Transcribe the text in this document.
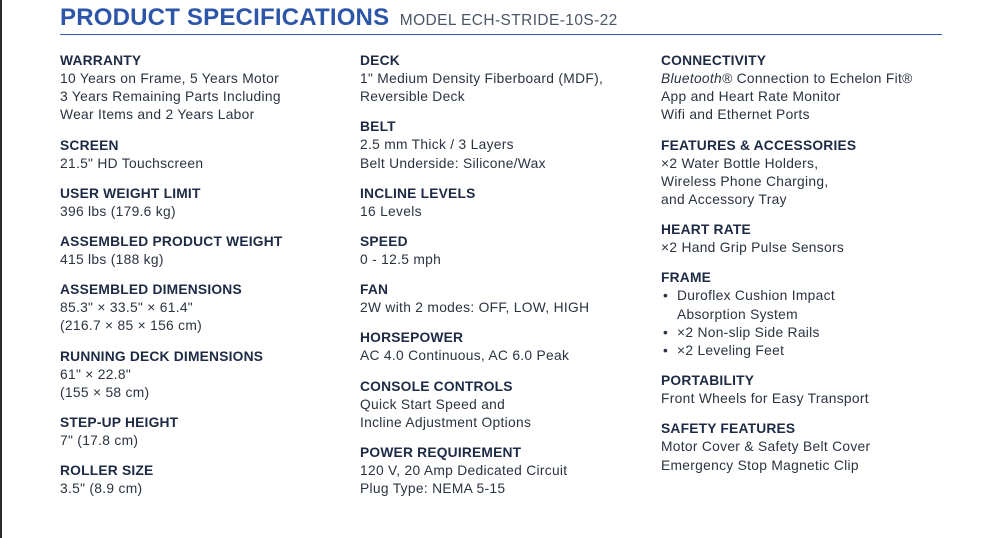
PRODUCT SPECIFICATIONS MODEL ECH-STRIDE-10S-22
WARRANTY
10 Years on Frame, 5 Years Motor
3 Years Remaining Parts Including
Wear Items and 2 Years Labor
SCREEN
21.5" HD Touchscreen
USER WEIGHT LIMIT
396 lbs (179.6 kg)
ASSEMBLED PRODUCT WEIGHT
415 lbs (188 kg)
ASSEMBLED DIMENSIONS
85.3" × 33.5" × 61.4"
(216.7 × 85 × 156 cm)
RUNNING DECK DIMENSIONS
61" × 22.8"
(155 × 58 cm)
STEP-UP HEIGHT
7" (17.8 cm)
ROLLER SIZE
3.5" (8.9 cm)
DECK
1" Medium Density Fiberboard (MDF),
Reversible Deck
BELT
2.5 mm Thick / 3 Layers
Belt Underside: Silicone/Wax
INCLINE LEVELS
16 Levels
SPEED
0 - 12.5 mph
FAN
2W with 2 modes: OFF, LOW, HIGH
HORSEPOWER
AC 4.0 Continuous, AC 6.0 Peak
CONSOLE CONTROLS
Quick Start Speed and
Incline Adjustment Options
POWER REQUIREMENT
120 V, 20 Amp Dedicated Circuit
Plug Type: NEMA 5-15
CONNECTIVITY
Bluetooth® Connection to Echelon Fit®
App and Heart Rate Monitor
Wifi and Ethernet Ports
FEATURES & ACCESSORIES
×2 Water Bottle Holders,
Wireless Phone Charging,
and Accessory Tray
HEART RATE
×2 Hand Grip Pulse Sensors
FRAME
• Duroflex Cushion Impact
Absorption System
• ×2 Non-slip Side Rails
• ×2 Leveling Feet
PORTABILITY
Front Wheels for Easy Transport
SAFETY FEATURES
Motor Cover & Safety Belt Cover
Emergency Stop Magnetic Clip
